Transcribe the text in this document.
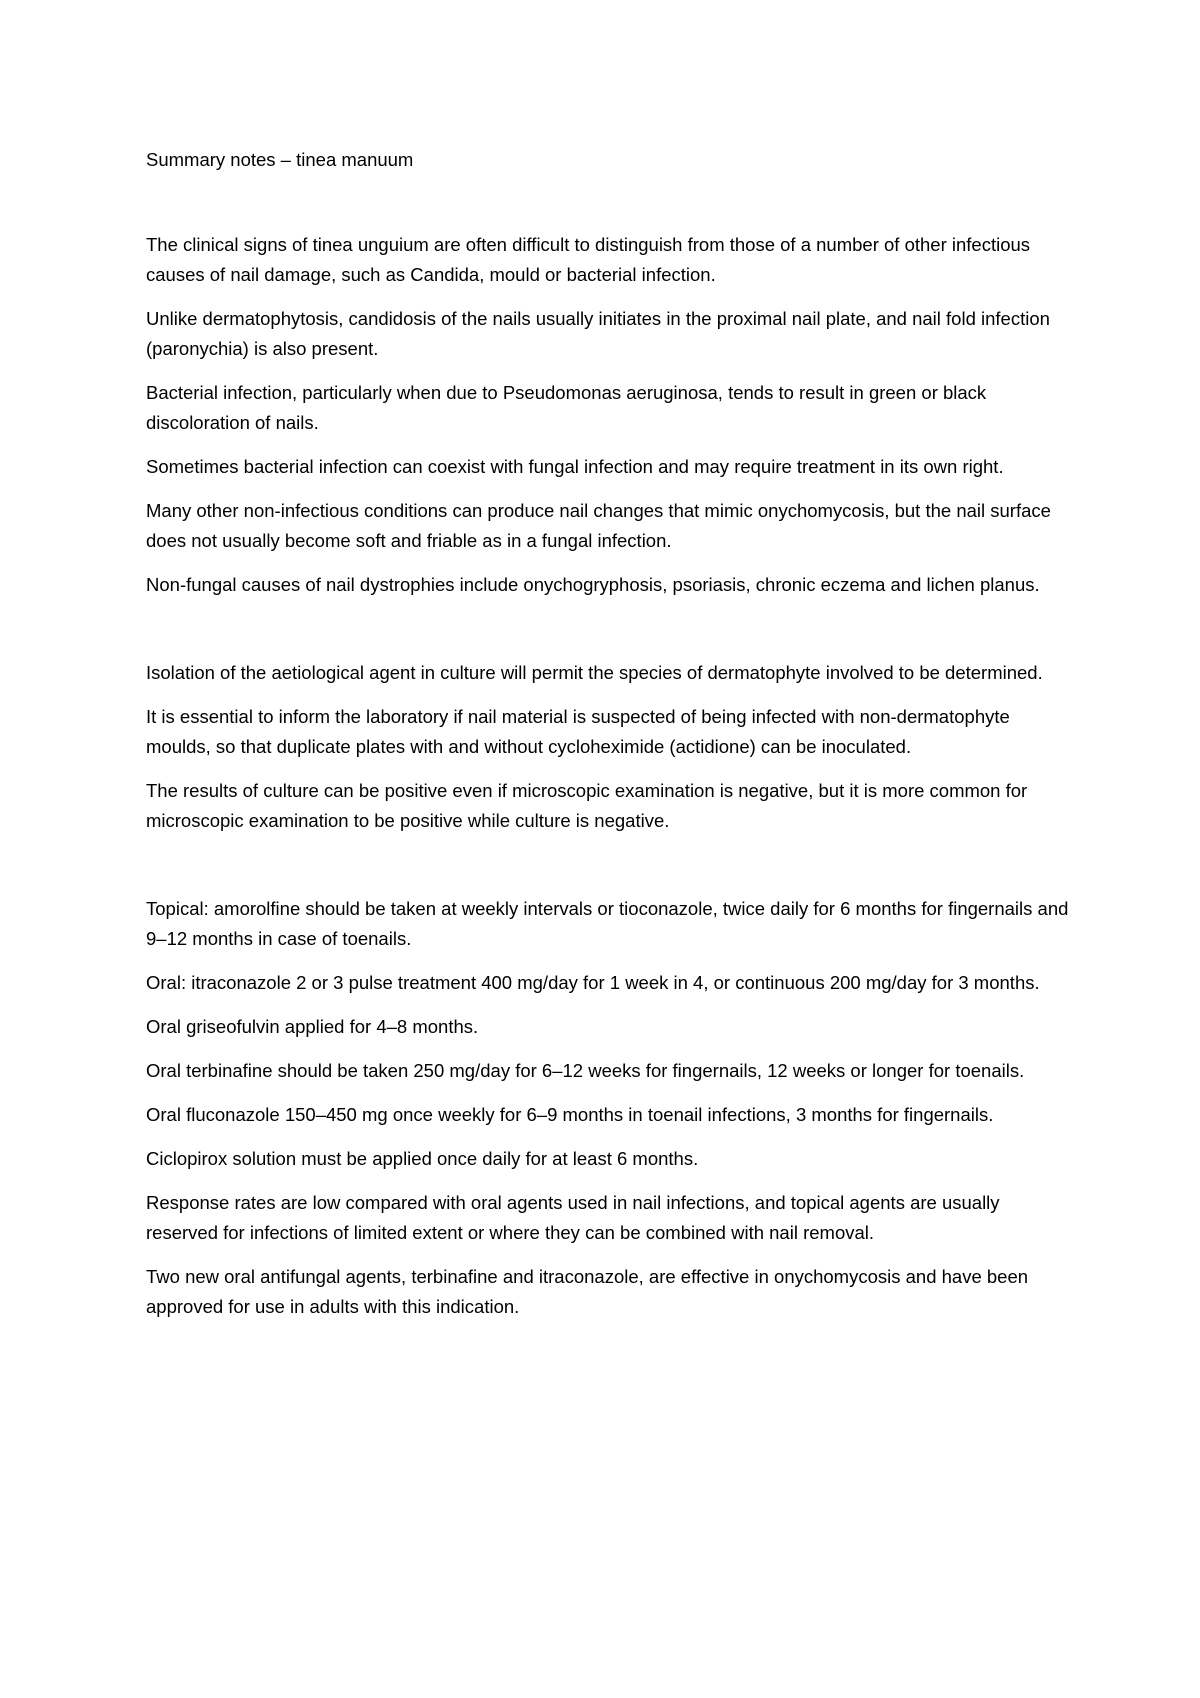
Summary notes – tinea manuum

The clinical signs of tinea unguium are often difficult to distinguish from those of a number of other infectious causes of nail damage, such as Candida, mould or bacterial infection.

Unlike dermatophytosis, candidosis of the nails usually initiates in the proximal nail plate, and nail fold infection (paronychia) is also present.

Bacterial infection, particularly when due to Pseudomonas aeruginosa, tends to result in green or black discoloration of nails.

Sometimes bacterial infection can coexist with fungal infection and may require treatment in its own right.

Many other non-infectious conditions can produce nail changes that mimic onychomycosis, but the nail surface does not usually become soft and friable as in a fungal infection.

Non-fungal causes of nail dystrophies include onychogryphosis, psoriasis, chronic eczema and lichen planus.

Isolation of the aetiological agent in culture will permit the species of dermatophyte involved to be determined.

It is essential to inform the laboratory if nail material is suspected of being infected with non-dermatophyte moulds, so that duplicate plates with and without cycloheximide (actidione) can be inoculated.

The results of culture can be positive even if microscopic examination is negative, but it is more common for microscopic examination to be positive while culture is negative.

Topical: amorolfine should be taken at weekly intervals or tioconazole, twice daily for 6 months for fingernails and 9–12 months in case of toenails.

Oral: itraconazole 2 or 3 pulse treatment 400 mg/day for 1 week in 4, or continuous 200 mg/day for 3 months.

Oral griseofulvin applied for 4–8 months.

Oral terbinafine should be taken 250 mg/day for 6–12 weeks for fingernails, 12 weeks or longer for toenails.

Oral fluconazole 150–450 mg once weekly for 6–9 months in toenail infections, 3 months for fingernails.

Ciclopirox solution must be applied once daily for at least 6 months.

Response rates are low compared with oral agents used in nail infections, and topical agents are usually reserved for infections of limited extent or where they can be combined with nail removal.

Two new oral antifungal agents, terbinafine and itraconazole, are effective in onychomycosis and have been approved for use in adults with this indication.
